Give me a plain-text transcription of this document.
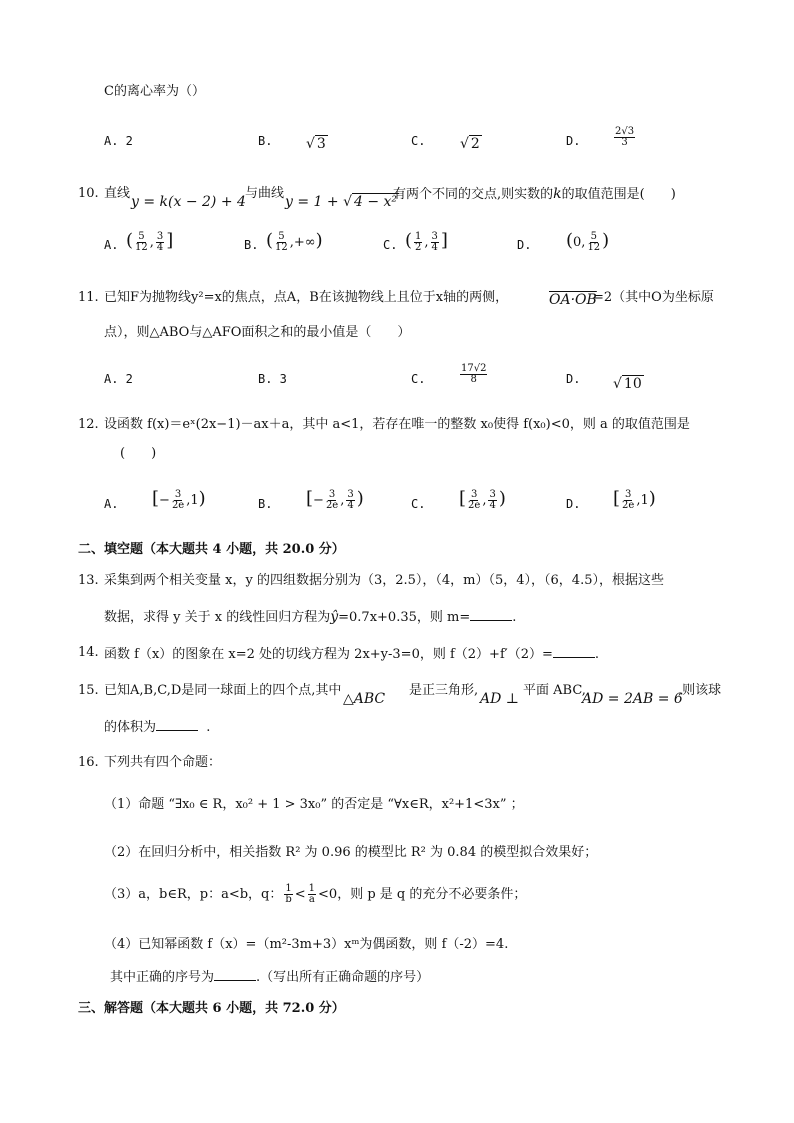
C的离心率为（）
A. 2	B. √ 3	C. √ 2	D.	$\frac{2√3}{3}$
10. 直线
y = k(x − 2) + 4
与曲线
y = 1 + √ 4 − x²
有两个不同的交点,则实数的k的取值范围是(　　)
A. ( $\frac{5}{12}$ , $\frac{3}{4}$ ]	B. ( $\frac{5}{12}$ ,+∞)	C. ( $\frac{1}{2}$ , $\frac{3}{4}$ ]	D. (0, $\frac{5}{12}$ )
11. 已知F为抛物线y²=x的焦点，点A，B在该抛物线上且位于x轴的两侧，	OA·OB
=2（其中O为坐标原
点），则△ABO与△AFO面积之和的最小值是（　　）
A. 2	B. 3	C.	$\frac{17√2}{8}$	D. √ 10
12. 设函数 f(x)＝eˣ(2x−1)－ax＋a，其中 a<1，若存在唯一的整数 x₀使得 f(x₀)<0，则 a 的取值范围是
(　　)
A. [− $\frac{3}{2e} ,1$)	B. [− $\frac{3}{2e}$ , $\frac{3}{4}$ )	C. [ $\frac{3}{2e}$ , $\frac{3}{4}$ )	D. [ $\frac{3}{2e} ,1$)
二、填空题（本大题共 4 小题，共 20.0 分）
13. 采集到两个相关变量 x，y 的四组数据分别为（3，2.5），（4，m）（5，4），（6，4.5），根据这些
数据，求得 y 关于 x 的线性回归方程为ŷ=0.7x+0.35，则 m=	.
14. 函数 f（x）的图象在 x=2 处的切线方程为 2x+y-3=0，则 f（2）+f′（2）=	.
15. 已知A,B,C,D是同一球面上的四个点,其中
△ABC
是正三角形,
AD ⊥
平面 ABC,
AD = 2AB = 6
,则该球
的体积为	.
16. 下列共有四个命题：
（1）命题 “∃x₀ ∈ R，x₀² + 1 > 3x₀” 的否定是 “∀x∈R，x²+1<3x” ；
（2）在回归分析中，相关指数 R² 为 0.96 的模型比 R² 为 0.84 的模型拟合效果好；
（3）a，b∈R，p：a<b，q： $\frac{1}{b} < \frac{1}{a} <0$，则 p 是 q 的充分不必要条件；
（4）已知幂函数 f（x）=（m²-3m+3）xᵐ为偶函数，则 f（-2）=4.
其中正确的序号为	.（写出所有正确命题的序号）
三、解答题（本大题共 6 小题，共 72.0 分）
